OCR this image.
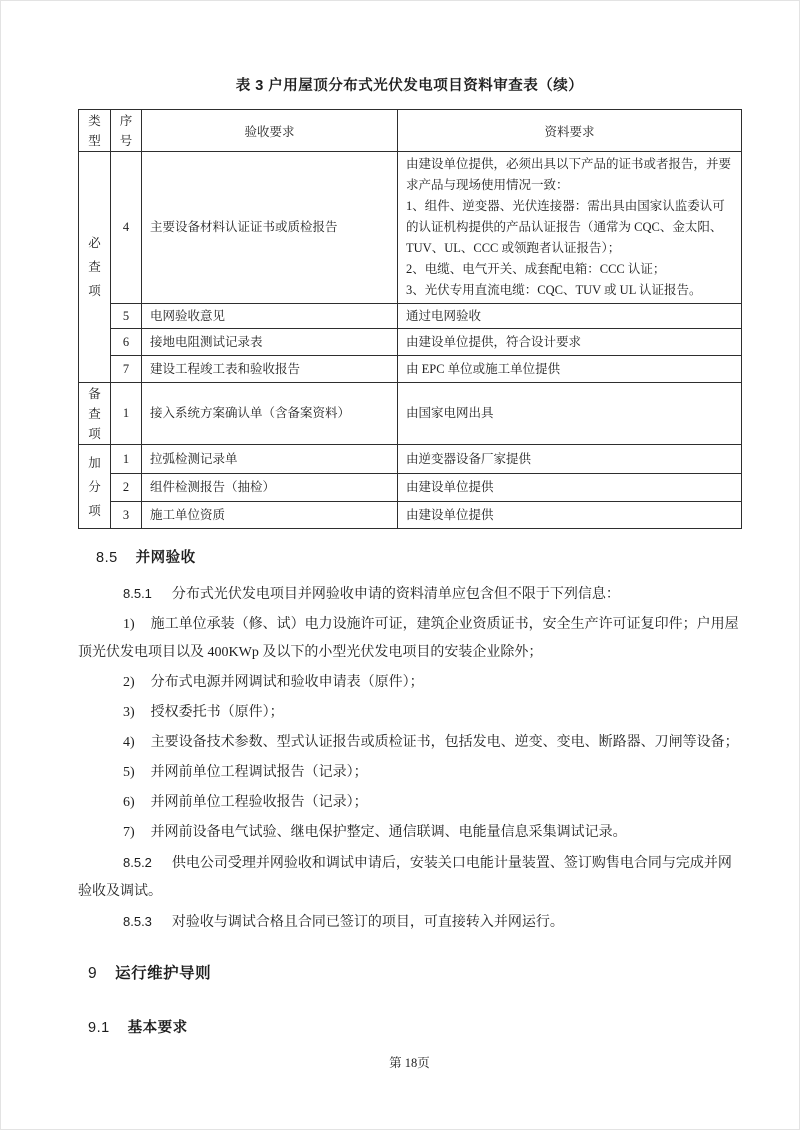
表 3 户用屋顶分布式光伏发电项目资料审查表（续）
类型	序号	验收要求	资料要求

必查项	4	主要设备材料认证证书或质检报告	由建设单位提供，必须出具以下产品的证书或者报告，并要求产品与现场使用情况一致：
1、组件、逆变器、光伏连接器：需出具由国家认监委认可的认证机构提供的产品认证报告（通常为 CQC、金太阳、TUV、UL、CCC 或领跑者认证报告）；
2、电缆、电气开关、成套配电箱：CCC 认证；
3、光伏专用直流电缆：CQC、TUV 或 UL 认证报告。

	5	电网验收意见	通过电网验收
	6	接地电阻测试记录表	由建设单位提供，符合设计要求
	7	建设工程竣工表和验收报告	由 EPC 单位或施工单位提供

备查项	1	接入系统方案确认单（含备案资料）	由国家电网出具

加分项	1	拉弧检测记录单	由逆变器设备厂家提供
	2	组件检测报告（抽检）	由建设单位提供
	3	施工单位资质	由建设单位提供
8.5 并网验收

8.5.1 分布式光伏发电项目并网验收申请的资料清单应包含但不限于下列信息：

1) 施工单位承装（修、试）电力设施许可证，建筑企业资质证书，安全生产许可证复印件；户用屋顶光伏发电项目以及 400KWp 及以下的小型光伏发电项目的安装企业除外；

2) 分布式电源并网调试和验收申请表（原件）；

3) 授权委托书（原件）；

4) 主要设备技术参数、型式认证报告或质检证书，包括发电、逆变、变电、断路器、刀闸等设备；

5) 并网前单位工程调试报告（记录）；

6) 并网前单位工程验收报告（记录）；

7) 并网前设备电气试验、继电保护整定、通信联调、电能量信息采集调试记录。

8.5.2 供电公司受理并网验收和调试申请后，安装关口电能计量装置、签订购售电合同与完成并网验收及调试。

8.5.3 对验收与调试合格且合同已签订的项目，可直接转入并网运行。

9 运行维护导则
9.1 基本要求
第 18页
